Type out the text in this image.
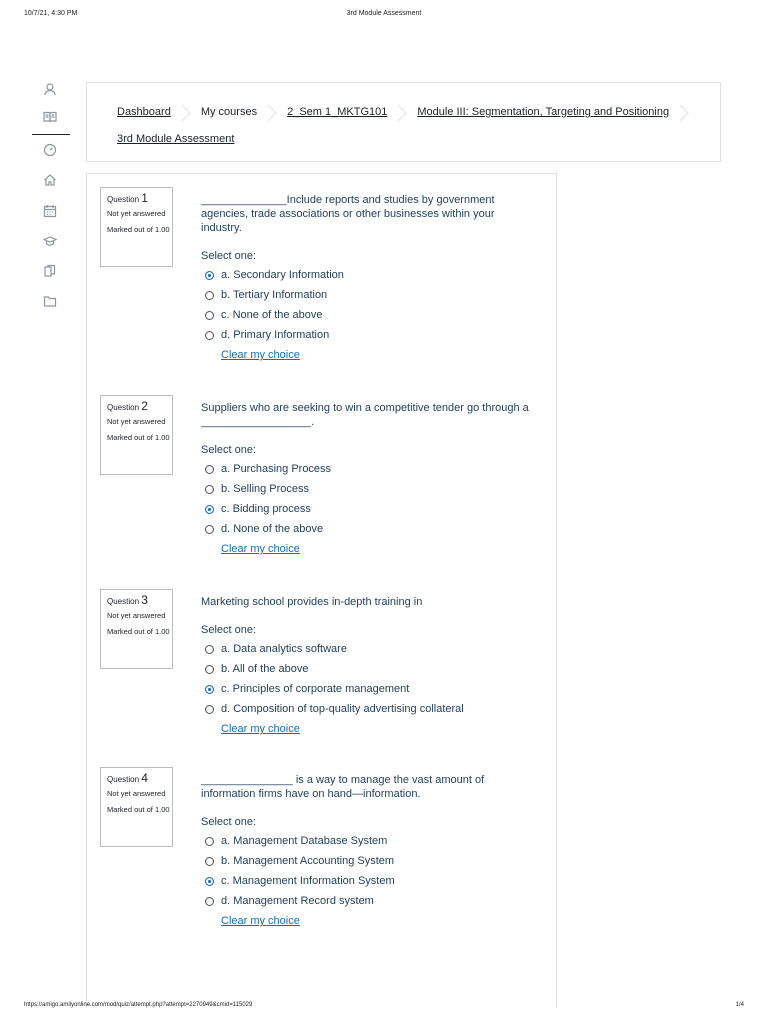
10/7/21, 4:30 PM	3rd Module Assessment
Dashboard	My courses	2_Sem 1_MKTG101	Module III: Segmentation, Targeting and Positioning
3rd Module Assessment
Question 1
Not yet answered
Marked out of 1.00
______________Include reports and studies by government agencies, trade associations or other businesses within your industry.
Select one:
a. Secondary Information
b. Tertiary Information
c. None of the above
d. Primary Information
Clear my choice
Question 2
Not yet answered
Marked out of 1.00
Suppliers who are seeking to win a competitive tender go through a __________________.
Select one:
a. Purchasing Process
b. Selling Process
c. Bidding process
d. None of the above
Clear my choice
Question 3
Not yet answered
Marked out of 1.00
Marketing school provides in-depth training in
Select one:
a. Data analytics software
b. All of the above
c. Principles of corporate management
d. Composition of top-quality advertising collateral
Clear my choice
Question 4
Not yet answered
Marked out of 1.00
_______________ is a way to manage the vast amount of information firms have on hand—information.
Select one:
a. Management Database System
b. Management Accounting System
c. Management Information System
d. Management Record system
Clear my choice
https://amigo.amilyonline.com/mod/quiz/attempt.php?attempt=2270949&cmid=115029	1/4
